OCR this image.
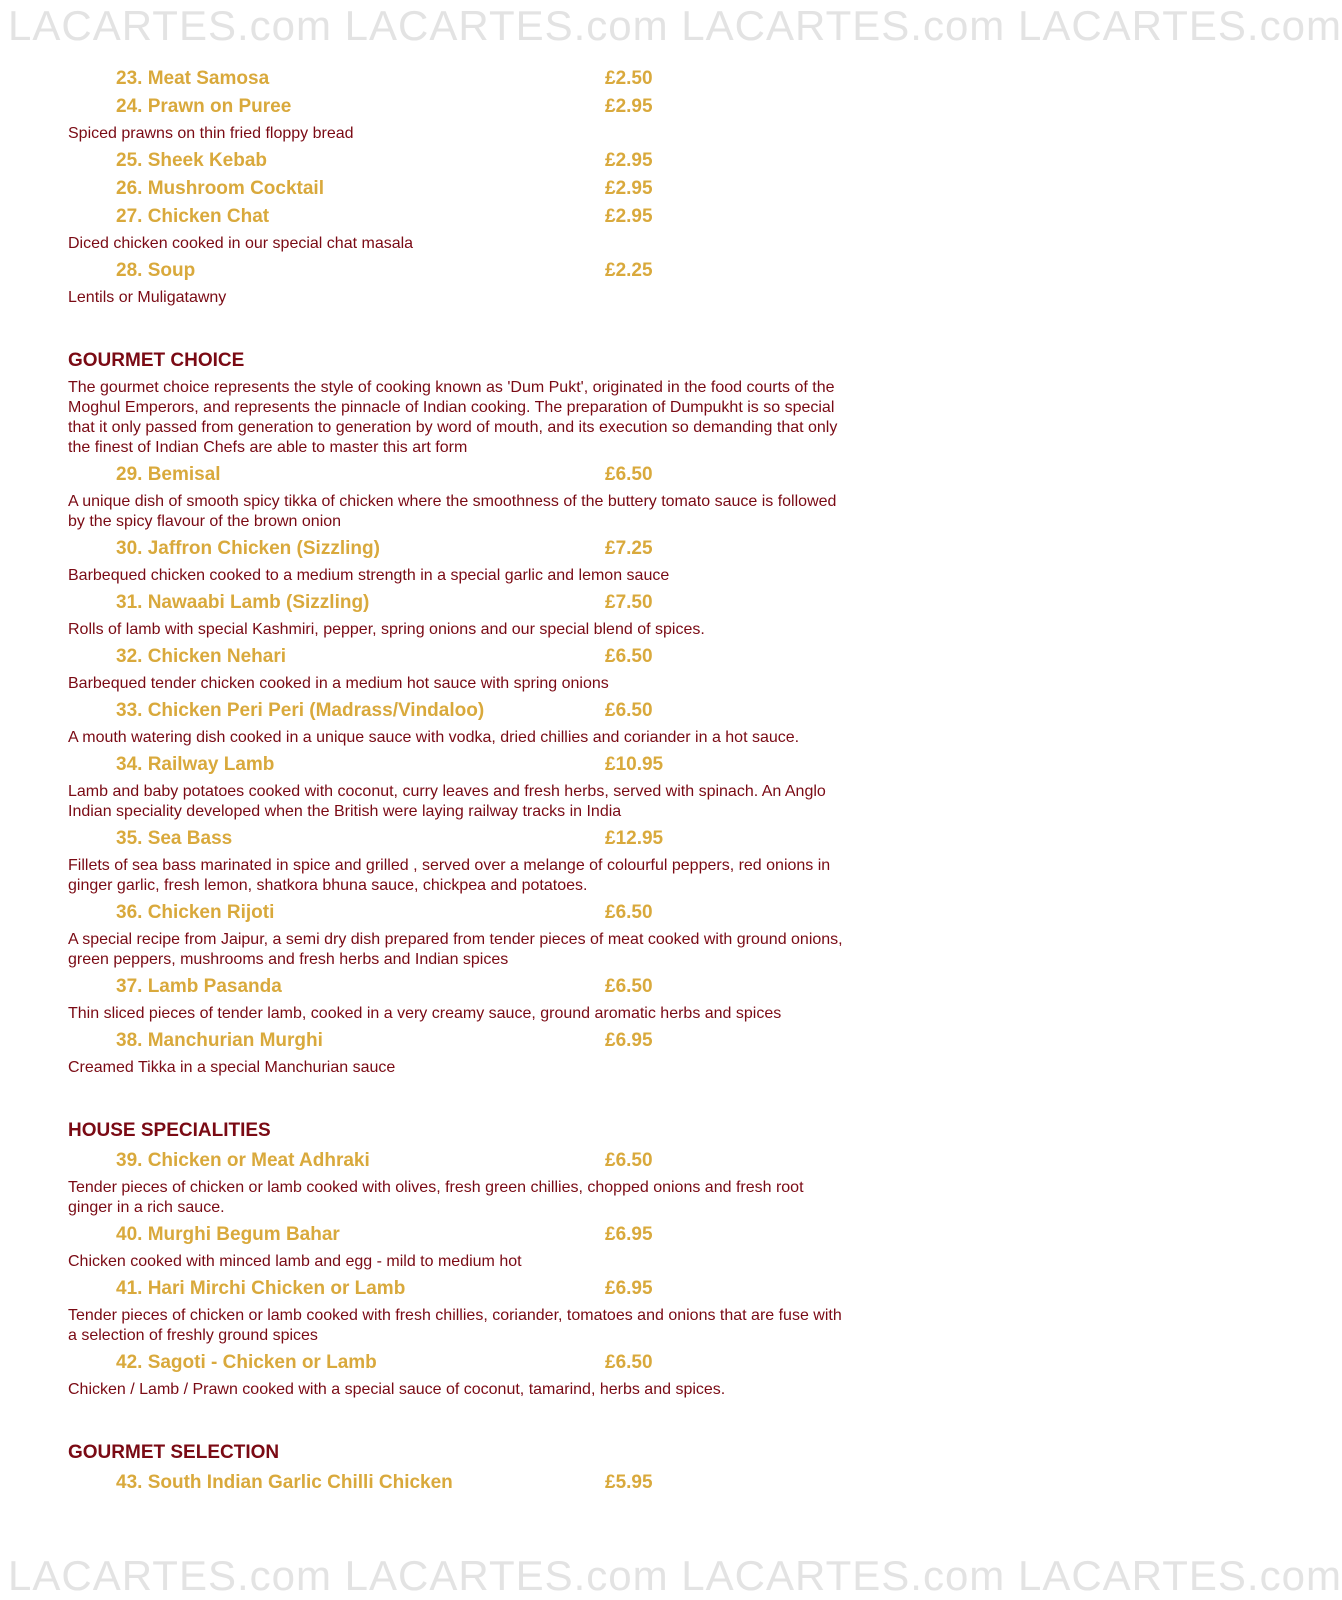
LACARTES.com LACARTES.com LACARTES.com LACARTES.com
LACARTES.com LACARTES.com LACARTES.com LACARTES.com
23. Meat Samosa	£2.50
24. Prawn on Puree	£2.95
Spiced prawns on thin fried floppy bread
25. Sheek Kebab	£2.95
26. Mushroom Cocktail	£2.95
27. Chicken Chat	£2.95
Diced chicken cooked in our special chat masala
28. Soup	£2.25
Lentils or Muligatawny
GOURMET CHOICE
The gourmet choice represents the style of cooking known as 'Dum Pukt', originated in the food courts of the Moghul Emperors, and represents the pinnacle of Indian cooking. The preparation of Dumpukht is so special that it only passed from generation to generation by word of mouth, and its execution so demanding that only the finest of Indian Chefs are able to master this art form
29. Bemisal	£6.50
A unique dish of smooth spicy tikka of chicken where the smoothness of the buttery tomato sauce is followed by the spicy flavour of the brown onion
30. Jaffron Chicken (Sizzling)	£7.25
Barbequed chicken cooked to a medium strength in a special garlic and lemon sauce
31. Nawaabi Lamb (Sizzling)	£7.50
Rolls of lamb with special Kashmiri, pepper, spring onions and our special blend of spices.
32. Chicken Nehari	£6.50
Barbequed tender chicken cooked in a medium hot sauce with spring onions
33. Chicken Peri Peri (Madrass/Vindaloo)	£6.50
A mouth watering dish cooked in a unique sauce with vodka, dried chillies and coriander in a hot sauce.
34. Railway Lamb	£10.95
Lamb and baby potatoes cooked with coconut, curry leaves and fresh herbs, served with spinach. An Anglo Indian speciality developed when the British were laying railway tracks in India
35. Sea Bass	£12.95
Fillets of sea bass marinated in spice and grilled , served over a melange of colourful peppers, red onions in ginger garlic, fresh lemon, shatkora bhuna sauce, chickpea and potatoes.
36. Chicken Rijoti	£6.50
A special recipe from Jaipur, a semi dry dish prepared from tender pieces of meat cooked with ground onions, green peppers, mushrooms and fresh herbs and Indian spices
37. Lamb Pasanda	£6.50
Thin sliced pieces of tender lamb, cooked in a very creamy sauce, ground aromatic herbs and spices
38. Manchurian Murghi	£6.95
Creamed Tikka in a special Manchurian sauce
HOUSE SPECIALITIES
39. Chicken or Meat Adhraki	£6.50
Tender pieces of chicken or lamb cooked with olives, fresh green chillies, chopped onions and fresh root ginger in a rich sauce.
40. Murghi Begum Bahar	£6.95
Chicken cooked with minced lamb and egg - mild to medium hot
41. Hari Mirchi Chicken or Lamb	£6.95
Tender pieces of chicken or lamb cooked with fresh chillies, coriander, tomatoes and onions that are fuse with a selection of freshly ground spices
42. Sagoti - Chicken or Lamb	£6.50
Chicken / Lamb / Prawn cooked with a special sauce of coconut, tamarind, herbs and spices.
GOURMET SELECTION
43. South Indian Garlic Chilli Chicken	£5.95
